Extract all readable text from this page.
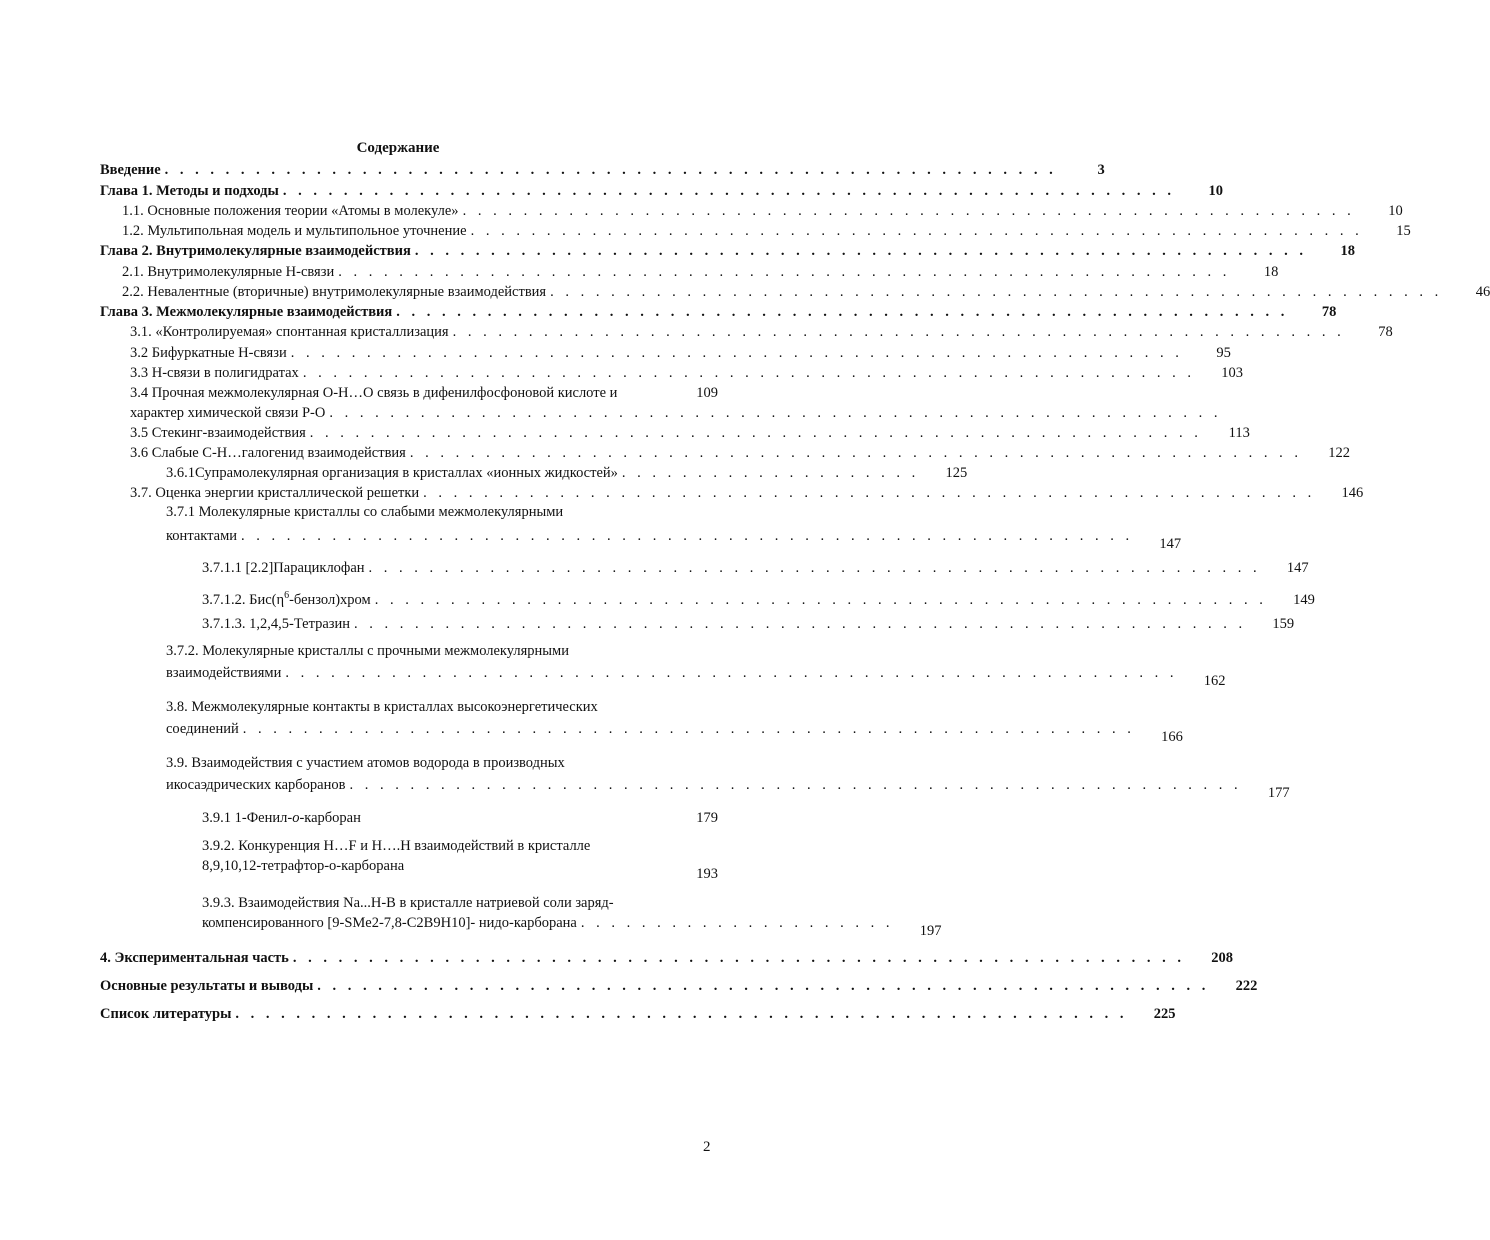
Содержание
Введение . . . . . . . . . . . . . . . . . . . . . . . . . . . . . . . . . . . . . . . . . . . . . . . . . . . . . . . . . . .	3
Глава 1. Методы и подходы . . . . . . . . . . . . . . . . . . . . . . . . . . . . . . . . . . . . . . . . . . . . . . . . . . . . . . . . . . .	10
1.1. Основные положения теории «Атомы в молекуле» . . . . . . . . . . . . . . . . . . . . . . . . . . . . . . . . . . . . . . . . . . . . . . . . . . . . . . . . . . .	10
1.2. Мультипольная модель и мультипольное уточнение . . . . . . . . . . . . . . . . . . . . . . . . . . . . . . . . . . . . . . . . . . . . . . . . . . . . . . . . . . .	15
Глава 2. Внутримолекулярные взаимодействия . . . . . . . . . . . . . . . . . . . . . . . . . . . . . . . . . . . . . . . . . . . . . . . . . . . . . . . . . . .	18
2.1. Внутримолекулярные Н-связи . . . . . . . . . . . . . . . . . . . . . . . . . . . . . . . . . . . . . . . . . . . . . . . . . . . . . . . . . . .	18
2.2. Невалентные (вторичные) внутримолекулярные взаимодействия . . . . . . . . . . . . . . . . . . . . . . . . . . . . . . . . . . . . . . . . . . . . . . . . . . . . . . . . . . .	46
Глава 3. Межмолекулярные взаимодействия . . . . . . . . . . . . . . . . . . . . . . . . . . . . . . . . . . . . . . . . . . . . . . . . . . . . . . . . . . .	78
3.1. «Контролируемая» спонтанная кристаллизация . . . . . . . . . . . . . . . . . . . . . . . . . . . . . . . . . . . . . . . . . . . . . . . . . . . . . . . . . . .	78
3.2 Бифуркатные Н-связи . . . . . . . . . . . . . . . . . . . . . . . . . . . . . . . . . . . . . . . . . . . . . . . . . . . . . . . . . . .	95
3.3 Н-связи в полигидратах . . . . . . . . . . . . . . . . . . . . . . . . . . . . . . . . . . . . . . . . . . . . . . . . . . . . . . . . . . .	103
3.4 Прочная межмолекулярная О-Н…О связь в дифенилфосфоновой кислоте и	109
характер химической связи Р-О . . . . . . . . . . . . . . . . . . . . . . . . . . . . . . . . . . . . . . . . . . . . . . . . . . . . . . . . . . .
3.5 Стекинг-взаимодействия . . . . . . . . . . . . . . . . . . . . . . . . . . . . . . . . . . . . . . . . . . . . . . . . . . . . . . . . . . .	113
3.6 Слабые С-Н…галогенид взаимодействия . . . . . . . . . . . . . . . . . . . . . . . . . . . . . . . . . . . . . . . . . . . . . . . . . . . . . . . . . . .	122
3.6.1Супрамолекулярная организация в кристаллах «ионных жидкостей» . . . . . . . . . . . . . . . . . . . .	125
3.7. Оценка энергии кристаллической решетки . . . . . . . . . . . . . . . . . . . . . . . . . . . . . . . . . . . . . . . . . . . . . . . . . . . . . . . . . . .	146
3.7.1 Молекулярные кристаллы со слабыми межмолекулярными
контактами . . . . . . . . . . . . . . . . . . . . . . . . . . . . . . . . . . . . . . . . . . . . . . . . . . . . . . . . . . .	147
3.7.1.1 [2.2]Парациклофан . . . . . . . . . . . . . . . . . . . . . . . . . . . . . . . . . . . . . . . . . . . . . . . . . . . . . . . . . . .	147
3.7.1.2. $Бис(\eta^6-бензол)хром$ . . . . . . . . . . . . . . . . . . . . . . . . . . . . . . . . . . . . . . . . . . . . . . . . . . . . . . . . . . .	149
3.7.1.3. 1,2,4,5-Тетразин . . . . . . . . . . . . . . . . . . . . . . . . . . . . . . . . . . . . . . . . . . . . . . . . . . . . . . . . . . .	159
3.7.2. Молекулярные кристаллы с прочными межмолекулярными
взаимодействиями . . . . . . . . . . . . . . . . . . . . . . . . . . . . . . . . . . . . . . . . . . . . . . . . . . . . . . . . . . .	162
3.8. Межмолекулярные контакты в кристаллах высокоэнергетических
соединений . . . . . . . . . . . . . . . . . . . . . . . . . . . . . . . . . . . . . . . . . . . . . . . . . . . . . . . . . . .	166
3.9. Взаимодействия с участием атомов водорода в производных
икосаэдрических карборанов . . . . . . . . . . . . . . . . . . . . . . . . . . . . . . . . . . . . . . . . . . . . . . . . . . . . . . . . . . .	177
3.9.1 1-Фенил-о-карборан	179
3.9.2. Конкуренция Н…F и Н….Н взаимодействий в кристалле
8,9,10,12-тетрафтор-о-карборана	193
3.9.3. Взаимодействия Na...H-B в кристалле натриевой соли заряд-
компенсированного [9-SMe2-7,8-C2B9H10]- нидо-карборана . . . . . . . . . . . . . . . . . . . . .	197
4. Экспериментальная часть . . . . . . . . . . . . . . . . . . . . . . . . . . . . . . . . . . . . . . . . . . . . . . . . . . . . . . . . . . .	208
Основные результаты и выводы . . . . . . . . . . . . . . . . . . . . . . . . . . . . . . . . . . . . . . . . . . . . . . . . . . . . . . . . . . .	222
Список литературы . . . . . . . . . . . . . . . . . . . . . . . . . . . . . . . . . . . . . . . . . . . . . . . . . . . . . . . . . . .	225
2
